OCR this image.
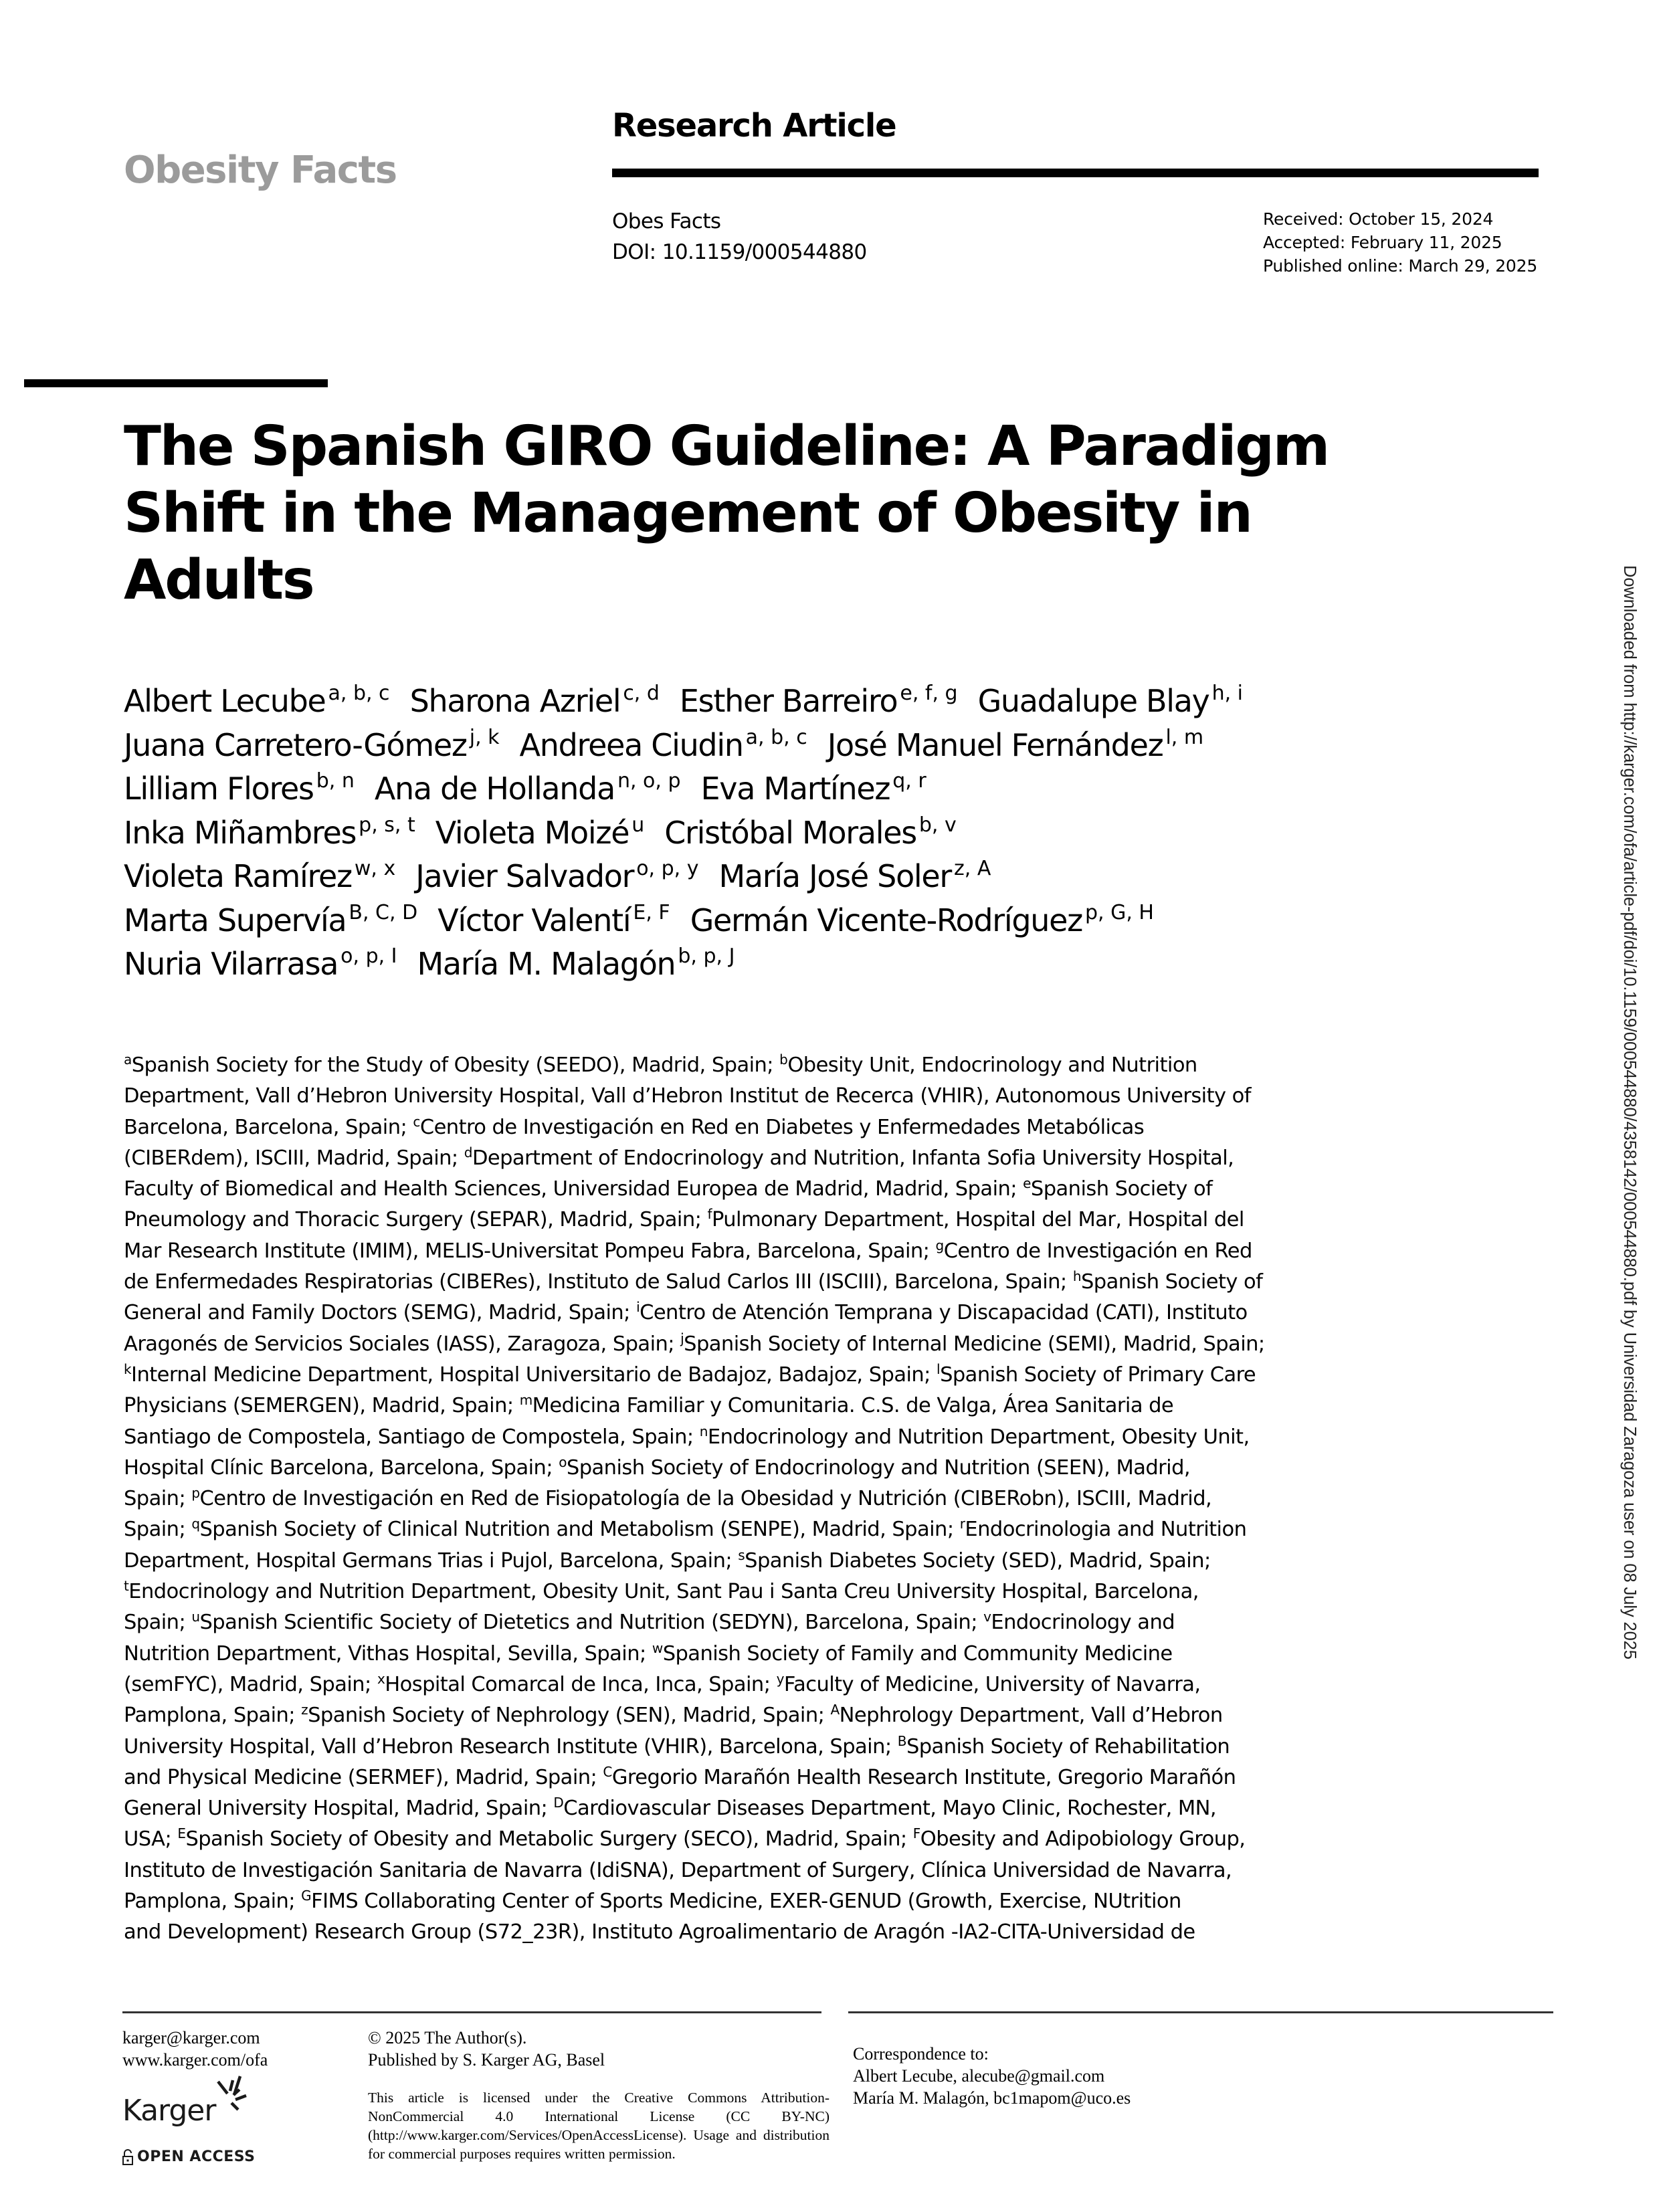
Obesity Facts
Research Article
Obes Facts
DOI: 10.1159/000544880
Received: October 15, 2024
Accepted: February 11, 2025
Published online: March 29, 2025
The Spanish GIRO Guideline: A Paradigm
Shift in the Management of Obesity in
Adults
Albert Lecube $^{a, b, c}$ Sharona Azriel $^{c, d}$ Esther Barreiro $^{e, f, g}$ Guadalupe Blay $^{h, i}$
Juana Carretero-Gómez $^{j, k}$ Andreea Ciudin $^{a, b, c}$ José Manuel Fernández $^{l, m}$
Lilliam Flores $^{b, n}$ Ana de Hollanda $^{n, o, p}$ Eva Martínez $^{q, r}$
Inka Miñambres $^{p, s, t}$ Violeta Moizé $^u$ Cristóbal Morales $^{b, v}$
Violeta Ramírez $^{w, x}$ Javier Salvador $^{o, p, y}$ María José Soler $^{z, A}$
Marta Supervía $^{B, C, D}$ Víctor Valentí $^{E, F}$ Germán Vicente-Rodríguez $^{p, G, H}$
Nuria Vilarrasa $^{o, p, I}$ María M. Malagón $^{b, p, J}$
$^a$Spanish Society for the Study of Obesity (SEEDO), Madrid, Spain; $^b$Obesity Unit, Endocrinology and Nutrition
Department, Vall d’Hebron University Hospital, Vall d’Hebron Institut de Recerca (VHIR), Autonomous University of
Barcelona, Barcelona, Spain; $^c$Centro de Investigación en Red en Diabetes y Enfermedades Metabólicas
(CIBERdem), ISCIII, Madrid, Spain; $^d$Department of Endocrinology and Nutrition, Infanta Sofia University Hospital,
Faculty of Biomedical and Health Sciences, Universidad Europea de Madrid, Madrid, Spain; $^e$Spanish Society of
Pneumology and Thoracic Surgery (SEPAR), Madrid, Spain; $^f$Pulmonary Department, Hospital del Mar, Hospital del
Mar Research Institute (IMIM), MELIS-Universitat Pompeu Fabra, Barcelona, Spain; $^g$Centro de Investigación en Red
de Enfermedades Respiratorias (CIBERes), Instituto de Salud Carlos III (ISCIII), Barcelona, Spain; $^h$Spanish Society of
General and Family Doctors (SEMG), Madrid, Spain; $^i$Centro de Atención Temprana y Discapacidad (CATI), Instituto
Aragonés de Servicios Sociales (IASS), Zaragoza, Spain; $^j$Spanish Society of Internal Medicine (SEMI), Madrid, Spain;
$^k$Internal Medicine Department, Hospital Universitario de Badajoz, Badajoz, Spain; $^l$Spanish Society of Primary Care
Physicians (SEMERGEN), Madrid, Spain; $^m$Medicina Familiar y Comunitaria. C.S. de Valga, Área Sanitaria de
Santiago de Compostela, Santiago de Compostela, Spain; $^n$Endocrinology and Nutrition Department, Obesity Unit,
Hospital Clínic Barcelona, Barcelona, Spain; $^o$Spanish Society of Endocrinology and Nutrition (SEEN), Madrid,
Spain; $^p$Centro de Investigación en Red de Fisiopatología de la Obesidad y Nutrición (CIBERobn), ISCIII, Madrid,
Spain; $^q$Spanish Society of Clinical Nutrition and Metabolism (SENPE), Madrid, Spain; $^r$Endocrinologia and Nutrition
Department, Hospital Germans Trias i Pujol, Barcelona, Spain; $^s$Spanish Diabetes Society (SED), Madrid, Spain;
$^t$Endocrinology and Nutrition Department, Obesity Unit, Sant Pau i Santa Creu University Hospital, Barcelona,
Spain; $^u$Spanish Scientific Society of Dietetics and Nutrition (SEDYN), Barcelona, Spain; $^v$Endocrinology and
Nutrition Department, Vithas Hospital, Sevilla, Spain; $^w$Spanish Society of Family and Community Medicine
(semFYC), Madrid, Spain; $^x$Hospital Comarcal de Inca, Inca, Spain; $^y$Faculty of Medicine, University of Navarra,
Pamplona, Spain; $^z$Spanish Society of Nephrology (SEN), Madrid, Spain; $^A$Nephrology Department, Vall d’Hebron
University Hospital, Vall d’Hebron Research Institute (VHIR), Barcelona, Spain; $^B$Spanish Society of Rehabilitation
and Physical Medicine (SERMEF), Madrid, Spain; $^C$Gregorio Marañón Health Research Institute, Gregorio Marañón
General University Hospital, Madrid, Spain; $^D$Cardiovascular Diseases Department, Mayo Clinic, Rochester, MN,
USA; $^E$Spanish Society of Obesity and Metabolic Surgery (SECO), Madrid, Spain; $^F$Obesity and Adipobiology Group,
Instituto de Investigación Sanitaria de Navarra (IdiSNA), Department of Surgery, Clínica Universidad de Navarra,
Pamplona, Spain; $^G$FIMS Collaborating Center of Sports Medicine, EXER-GENUD (Growth, Exercise, NUtrition
and Development) Research Group (S72_23R), Instituto Agroalimentario de Aragón -IA2-CITA-Universidad de
Downloaded from http://karger.com/ofa/article-pdf/doi/10.1159/000544880/4358142/000544880.pdf by Universidad Zaragoza user on 08 July 2025
karger@karger.com
www.karger.com/ofa
© 2025 The Author(s).
Published by S. Karger AG, Basel
This article is licensed under the Creative Commons Attribution-NonCommercial 4.0 International License (CC BY-NC) (http://www.karger.com/Services/OpenAccessLicense). Usage and distribution for commercial purposes requires written permission.
Karger
OPEN ACCESS
Correspondence to:
Albert Lecube, alecube@gmail.com
María M. Malagón, bc1mapom@uco.es
